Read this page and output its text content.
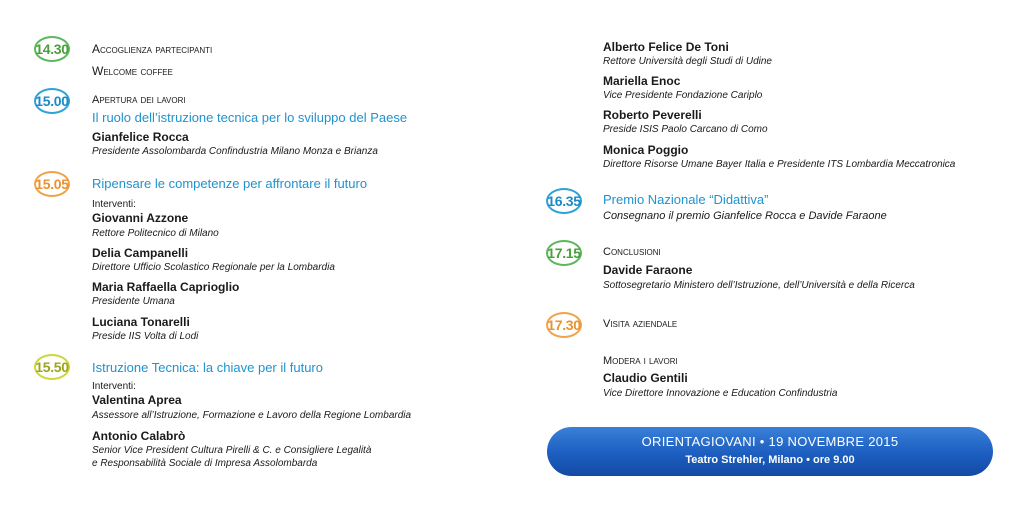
14.30 Accoglienza partecipanti
Welcome coffee
15.00 Apertura dei lavori
Il ruolo dell’istruzione tecnica per lo sviluppo del Paese
Gianfelice Rocca
Presidente Assolombarda Confindustria Milano Monza e Brianza
15.05 Ripensare le competenze per affrontare il futuro
Interventi:
Giovanni Azzone
Rettore Politecnico di Milano
Delia Campanelli
Direttore Ufficio Scolastico Regionale per la Lombardia
Maria Raffaella Caprioglio
Presidente Umana
Luciana Tonarelli
Preside IIS Volta di Lodi
15.50 Istruzione Tecnica: la chiave per il futuro
Interventi:
Valentina Aprea
Assessore all’Istruzione, Formazione e Lavoro della Regione Lombardia
Antonio Calabrò
Senior Vice President Cultura Pirelli & C. e Consigliere Legalità
e Responsabilità Sociale di Impresa Assolombarda
Alberto Felice De Toni
Rettore Università degli Studi di Udine
Mariella Enoc
Vice Presidente Fondazione Cariplo
Roberto Peverelli
Preside ISIS Paolo Carcano di Como
Monica Poggio
Direttore Risorse Umane Bayer Italia e Presidente ITS Lombardia Meccatronica
16.35 Premio Nazionale “Didattiva”
Consegnano il premio Gianfelice Rocca e Davide Faraone
17.15 Conclusioni
Davide Faraone
Sottosegretario Ministero dell’Istruzione, dell’Università e della Ricerca
17.30 Visita aziendale
Modera i lavori
Claudio Gentili
Vice Direttore Innovazione e Education Confindustria
ORIENTAGIOVANI • 19 NOVEMBRE 2015
Teatro Strehler, Milano • ore 9.00
